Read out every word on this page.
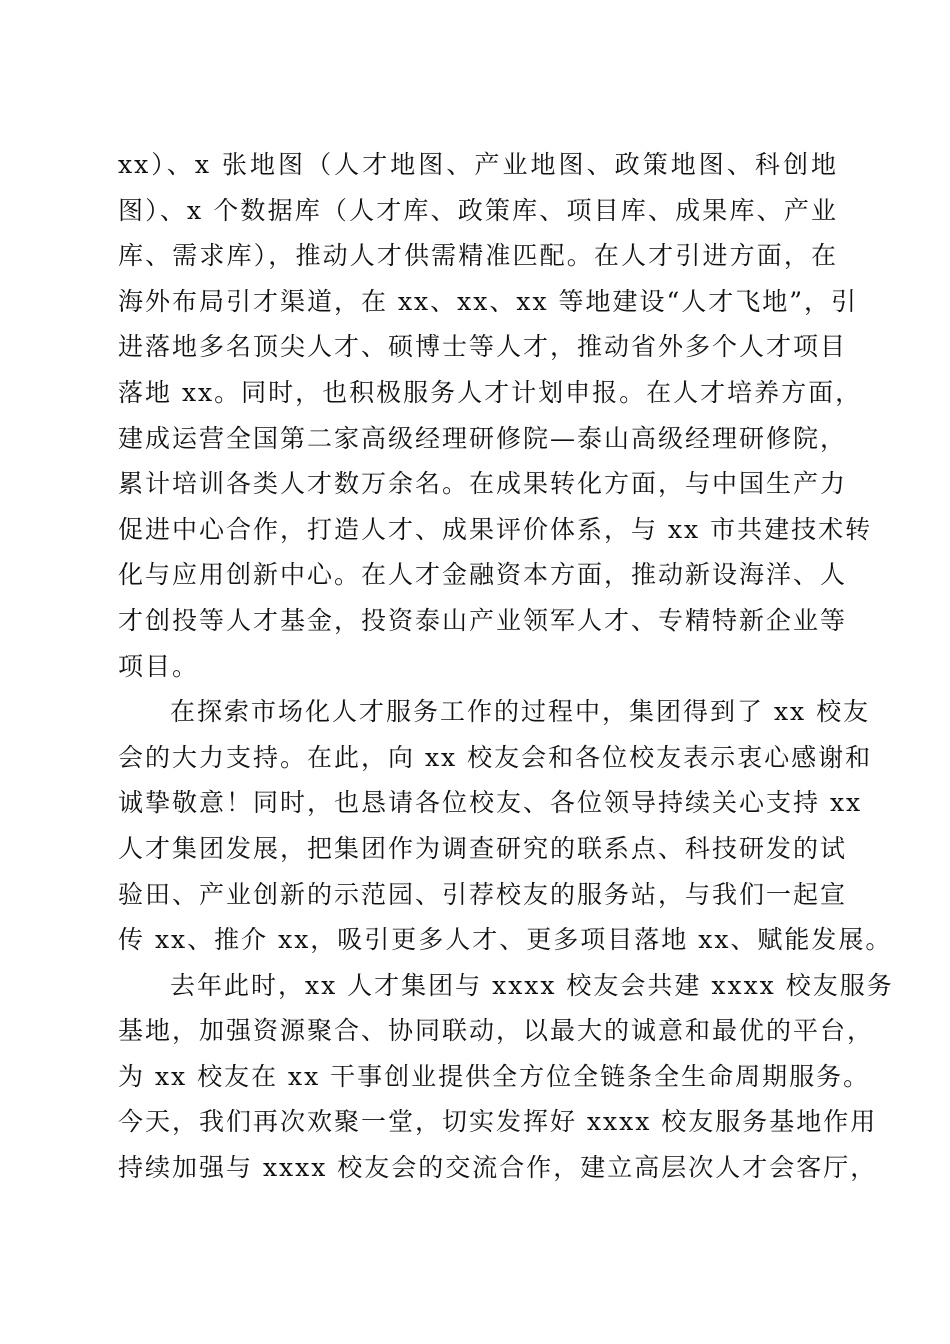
xx）、x 张地图（人才地图、产业地图、政策地图、科创地
图）、x 个数据库（人才库、政策库、项目库、成果库、产业
库、需求库），推动人才供需精准匹配。在人才引进方面，在
海外布局引才渠道，在 xx、xx、xx 等地建设“人才飞地”，引
进落地多名顶尖人才、硕博士等人才，推动省外多个人才项目
落地 xx。同时，也积极服务人才计划申报。在人才培养方面，
建成运营全国第二家高级经理研修院—泰山高级经理研修院，
累计培训各类人才数万余名。在成果转化方面，与中国生产力
促进中心合作，打造人才、成果评价体系，与 xx 市共建技术转
化与应用创新中心。在人才金融资本方面，推动新设海洋、人
才创投等人才基金，投资泰山产业领军人才、专精特新企业等
项目。
在探索市场化人才服务工作的过程中，集团得到了 xx 校友
会的大力支持。在此，向 xx 校友会和各位校友表示衷心感谢和
诚挚敬意！同时，也恳请各位校友、各位领导持续关心支持 xx
人才集团发展，把集团作为调查研究的联系点、科技研发的试
验田、产业创新的示范园、引荐校友的服务站，与我们一起宣
传 xx、推介 xx，吸引更多人才、更多项目落地 xx、赋能发展。
去年此时，xx 人才集团与 xxxx 校友会共建 xxxx 校友服务
基地，加强资源聚合、协同联动，以最大的诚意和最优的平台，
为 xx 校友在 xx 干事创业提供全方位全链条全生命周期服务。
今天，我们再次欢聚一堂，切实发挥好 xxxx 校友服务基地作用
持续加强与 xxxx 校友会的交流合作，建立高层次人才会客厅，
